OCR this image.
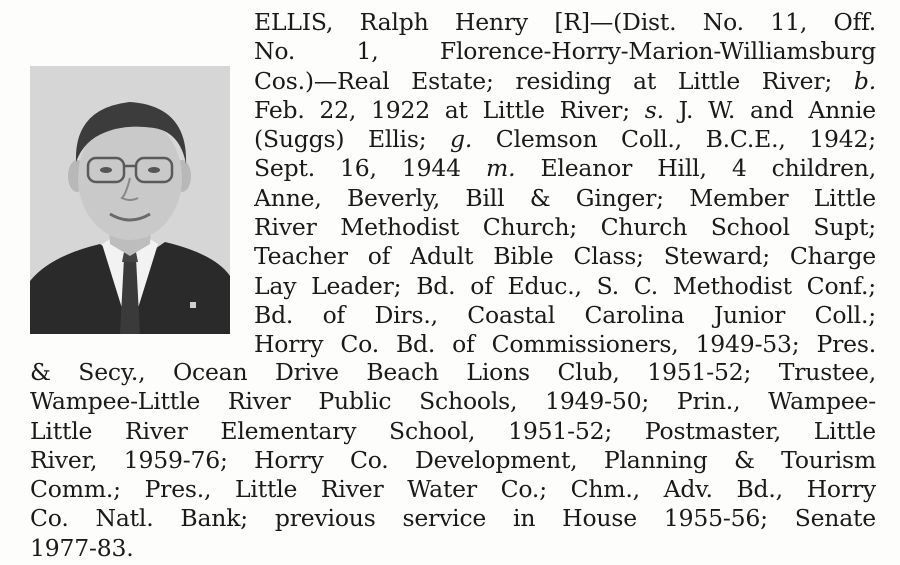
ELLIS, Ralph Henry [R]—(Dist. No. 11, Off.
No. 1, Florence-Horry-Marion-Williamsburg
Cos.)—Real Estate; residing at Little River; b.
Feb. 22, 1922 at Little River; s. J. W. and Annie
(Suggs) Ellis; g. Clemson Coll., B.C.E., 1942;
Sept. 16, 1944 m. Eleanor Hill, 4 children,
Anne, Beverly, Bill & Ginger; Member Little
River Methodist Church; Church School Supt;
Teacher of Adult Bible Class; Steward; Charge
Lay Leader; Bd. of Educ., S. C. Methodist Conf.;
Bd. of Dirs., Coastal Carolina Junior Coll.;
Horry Co. Bd. of Commissioners, 1949-53; Pres.
& Secy., Ocean Drive Beach Lions Club, 1951-52; Trustee,
Wampee-Little River Public Schools, 1949-50; Prin., Wampee-
Little River Elementary School, 1951-52; Postmaster, Little
River, 1959-76; Horry Co. Development, Planning & Tourism
Comm.; Pres., Little River Water Co.; Chm., Adv. Bd., Horry
Co. Natl. Bank; previous service in House 1955-56; Senate
1977-83.
